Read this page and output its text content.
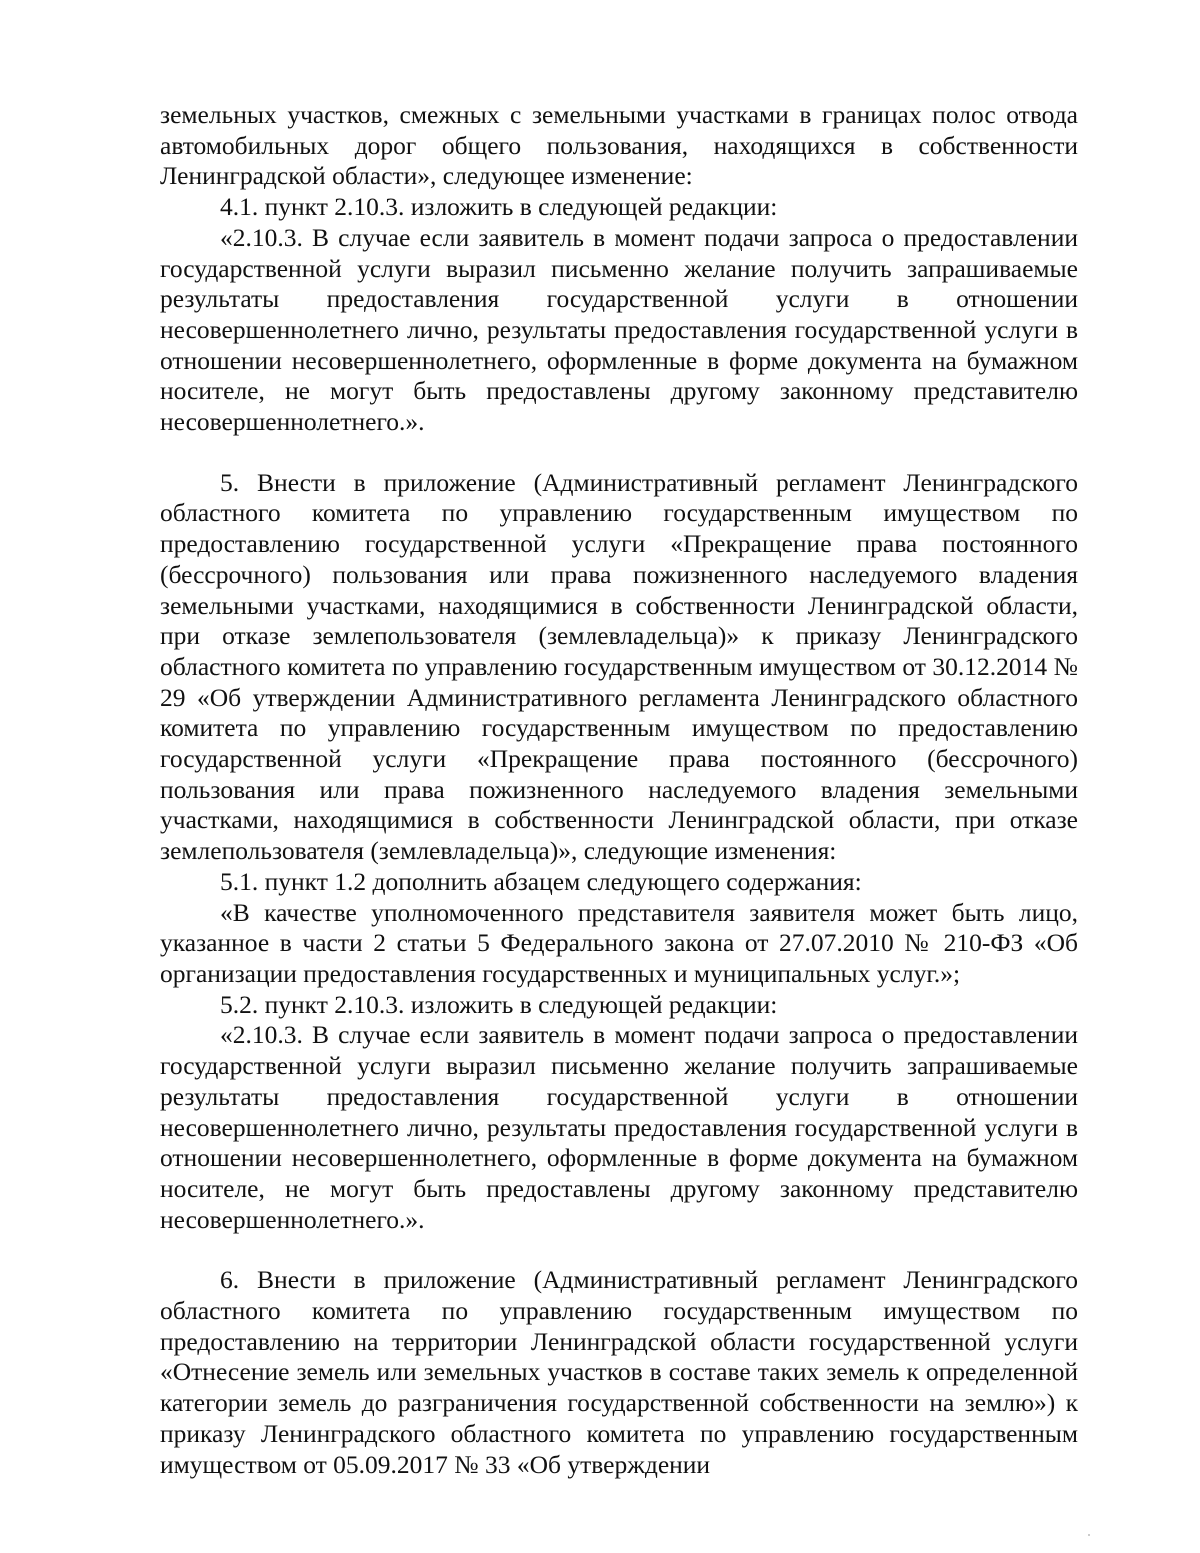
земельных участков, смежных с земельными участками в границах полос отвода автомобильных дорог общего пользования, находящихся в собственности Ленинградской области», следующее изменение:

4.1. пункт 2.10.3. изложить в следующей редакции:

«2.10.3. В случае если заявитель в момент подачи запроса о предоставлении государственной услуги выразил письменно желание получить запрашиваемые результаты предоставления государственной услуги в отношении несовершеннолетнего лично, результаты предоставления государственной услуги в отношении несовершеннолетнего, оформленные в форме документа на бумажном носителе, не могут быть предоставлены другому законному представителю несовершеннолетнего.».

5. Внести в приложение (Административный регламент Ленинградского областного комитета по управлению государственным имуществом по предоставлению государственной услуги «Прекращение права постоянного (бессрочного) пользования или права пожизненного наследуемого владения земельными участками, находящимися в собственности Ленинградской области, при отказе землепользователя (землевладельца)» к приказу Ленинградского областного комитета по управлению государственным имуществом от 30.12.2014 № 29 «Об утверждении Административного регламента Ленинградского областного комитета по управлению государственным имуществом по предоставлению государственной услуги «Прекращение права постоянного (бессрочного) пользования или права пожизненного наследуемого владения земельными участками, находящимися в собственности Ленинградской области, при отказе землепользователя (землевладельца)», следующие изменения:

5.1. пункт 1.2 дополнить абзацем следующего содержания:

«В качестве уполномоченного представителя заявителя может быть лицо, указанное в части 2 статьи 5 Федерального закона от 27.07.2010 № 210-ФЗ «Об организации предоставления государственных и муниципальных услуг.»;

5.2. пункт 2.10.3. изложить в следующей редакции:

«2.10.3. В случае если заявитель в момент подачи запроса о предоставлении государственной услуги выразил письменно желание получить запрашиваемые результаты предоставления государственной услуги в отношении несовершеннолетнего лично, результаты предоставления государственной услуги в отношении несовершеннолетнего, оформленные в форме документа на бумажном носителе, не могут быть предоставлены другому законному представителю несовершеннолетнего.».

6. Внести в приложение (Административный регламент Ленинградского областного комитета по управлению государственным имуществом по предоставлению на территории Ленинградской области государственной услуги «Отнесение земель или земельных участков в составе таких земель к определенной категории земель до разграничения государственной собственности на землю») к приказу Ленинградского областного комитета по управлению государственным имуществом от 05.09.2017 № 33 «Об утверждении
